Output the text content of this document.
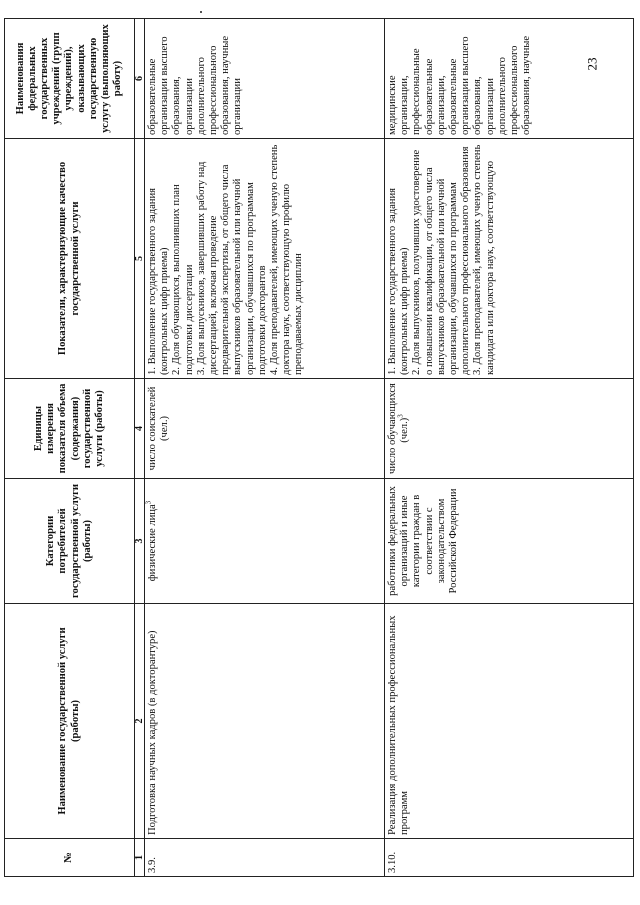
№	Наименование государственной услуги (работы)	Категории потребителей государственной услуги (работы)	Единицы измерения показателя объема (содержания) государственной услуги (работы)	Показатели, характеризующие качество государственной услуги	Наименования федеральных государственных учреждений (групп учреждений), оказывающих государственную услугу (выполняющих работу)
1	2	3	4	5	6
3.9.	Подготовка научных кадров (в докторантуре)	физические лица$^3$	число соискателей (чел.)	1. Выполнение государственного задания (контрольных цифр приема) 2. Доля обучающихся, выполнивших план подготовки диссертации 3. Доля выпускников, завершивших работу над диссертацией, включая проведение предварительной экспертизы, от общего числа выпускников образовательной или научной организации, обучавшихся по программам подготовки докторантов 4. Доля преподавателей, имеющих ученую степень доктора наук, соответствующую профилю преподаваемых дисциплин	образовательные организации высшего образования, организации дополнительного профессионального образования, научные организации
3.10.	Реализация дополнительных профессиональных программ	работники федеральных организаций и иные категории граждан в соответствии с законодательством Российской Федерации	число обучающихся $(чел.)^3$	1. Выполнение государственного задания (контрольных цифр приема) 2. Доля выпускников, получивших удостоверение о повышении квалификации, от общего числа выпускников образовательной или научной организации, обучавшихся по программам дополнительного профессионального образования 3. Доля преподавателей, имеющих ученую степень кандидата или доктора наук, соответствующую	медицинские организации, профессиональные образовательные организации, образовательные организации высшего образования, организации дополнительного профессионального образования, научные	23
